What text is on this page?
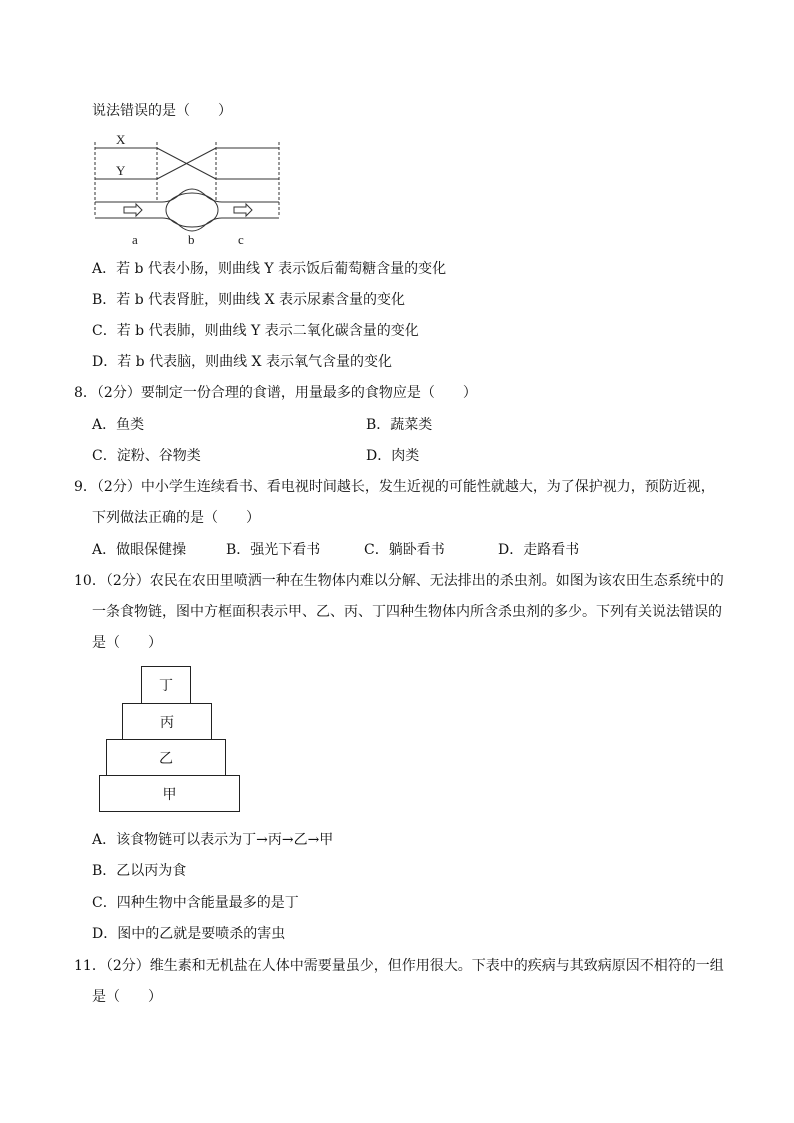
说法错误的是（　　）
X
Y
a	b	c
A．若 b 代表小肠，则曲线 Y 表示饭后葡萄糖含量的变化
B．若 b 代表肾脏，则曲线 X 表示尿素含量的变化
C．若 b 代表肺，则曲线 Y 表示二氧化碳含量的变化
D．若 b 代表脑，则曲线 X 表示氧气含量的变化
8．（2分）要制定一份合理的食谱，用量最多的食物应是（　　）
A．鱼类	B．蔬菜类
C．淀粉、谷物类	D．肉类
9．（2分）中小学生连续看书、看电视时间越长，发生近视的可能性就越大，为了保护视力，预防近视，
下列做法正确的是（　　）
A．做眼保健操	B．强光下看书	C．躺卧看书	D．走路看书
10．（2分）农民在农田里喷洒一种在生物体内难以分解、无法排出的杀虫剂。如图为该农田生态系统中的
一条食物链，图中方框面积表示甲、乙、丙、丁四种生物体内所含杀虫剂的多少。下列有关说法错误的
是（　　）
丁
丙
乙
甲
A．该食物链可以表示为丁→丙→乙→甲
B．乙以丙为食
C．四种生物中含能量最多的是丁
D．图中的乙就是要喷杀的害虫
11．（2分）维生素和无机盐在人体中需要量虽少，但作用很大。下表中的疾病与其致病原因不相符的一组
是（　　）
